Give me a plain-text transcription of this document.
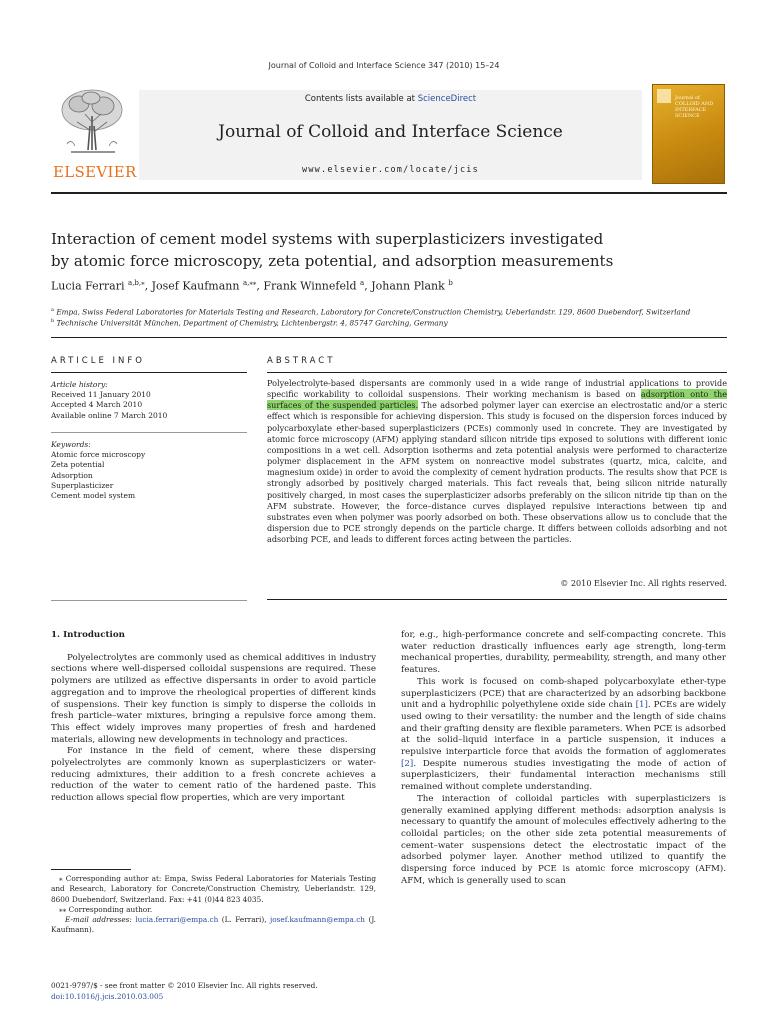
Journal of Colloid and Interface Science 347 (2010) 15–24
ELSEVIER
Contents lists available at ScienceDirect
Journal of Colloid and Interface Science
www.elsevier.com/locate/jcis
Journal of COLLOID AND INTERFACE SCIENCE
Interaction of cement model systems with superplasticizers investigated
by atomic force microscopy, zeta potential, and adsorption measurements
Lucia Ferrari $^{a,b,⁎}$, Josef Kaufmann $^{a,⁎⁎}$, Frank Winnefeld $^a$, Johann Plank $^b$
$^a$ Empa, Swiss Federal Laboratories for Materials Testing and Research, Laboratory for Concrete/Construction Chemistry, Ueberlandstr. 129, 8600 Duebendorf, Switzerland
$^b$ Technische Universität München, Department of Chemistry, Lichtenbergstr. 4, 85747 Garching, Germany
ARTICLE INFO
Article history:
Received 11 January 2010
Accepted 4 March 2010
Available online 7 March 2010
Keywords:
Atomic force microscopy
Zeta potential
Adsorption
Superplasticizer
Cement model system
ABSTRACT
Polyelectrolyte-based dispersants are commonly used in a wide range of industrial applications to provide specific workability to colloidal suspensions. Their working mechanism is based on adsorption onto the surfaces of the suspended particles. The adsorbed polymer layer can exercise an electrostatic and/or a steric effect which is responsible for achieving dispersion. This study is focused on the dispersion forces induced by polycarboxylate ether-based superplasticizers (PCEs) commonly used in concrete. They are investigated by atomic force microscopy (AFM) applying standard silicon nitride tips exposed to solutions with different ionic compositions in a wet cell. Adsorption isotherms and zeta potential analysis were performed to characterize polymer displacement in the AFM system on nonreactive model substrates (quartz, mica, calcite, and magnesium oxide) in order to avoid the complexity of cement hydration products. The results show that PCE is strongly adsorbed by positively charged materials. This fact reveals that, being silicon nitride naturally positively charged, in most cases the superplasticizer adsorbs preferably on the silicon nitride tip than on the AFM substrate. However, the force–distance curves displayed repulsive interactions between tip and substrates even when polymer was poorly adsorbed on both. These observations allow us to conclude that the dispersion due to PCE strongly depends on the particle charge. It differs between colloids adsorbing and not adsorbing PCE, and leads to different forces acting between the particles.
© 2010 Elsevier Inc. All rights reserved.
1. Introduction

Polyelectrolytes are commonly used as chemical additives in industry sections where well-dispersed colloidal suspensions are required. These polymers are utilized as effective dispersants in order to avoid particle aggregation and to improve the rheological properties of different kinds of suspensions. Their key function is simply to disperse the colloids in fresh particle–water mixtures, bringing a repulsive force among them. This effect widely improves many properties of fresh and hardened materials, allowing new developments in technology and practices.

For instance in the field of cement, where these dispersing polyelectrolytes are commonly known as superplasticizers or water-reducing admixtures, their addition to a fresh concrete achieves a reduction of the water to cement ratio of the hardened paste. This reduction allows special flow properties, which are very important

for, e.g., high-performance concrete and self-compacting concrete. This water reduction drastically influences early age strength, long-term mechanical properties, durability, permeability, strength, and many other features.

This work is focused on comb-shaped polycarboxylate ether-type superplasticizers (PCE) that are characterized by an adsorbing backbone unit and a hydrophilic polyethylene oxide side chain [1]. PCEs are widely used owing to their versatility: the number and the length of side chains and their grafting density are flexible parameters. When PCE is adsorbed at the solid–liquid interface in a particle suspension, it induces a repulsive interparticle force that avoids the formation of agglomerates [2]. Despite numerous studies investigating the mode of action of superplasticizers, their fundamental interaction mechanisms still remained without complete understanding.

The interaction of colloidal particles with superplasticizers is generally examined applying different methods: adsorption analysis is necessary to quantify the amount of molecules effectively adhering to the colloidal particles; on the other side zeta potential measurements of cement–water suspensions detect the electrostatic impact of the adsorbed polymer layer. Another method utilized to quantify the dispersing force induced by PCE is atomic force microscopy (AFM). AFM, which is generally used to scan

⁎ Corresponding author at: Empa, Swiss Federal Laboratories for Materials Testing and Research, Laboratory for Concrete/Construction Chemistry, Ueberlandstr. 129, 8600 Duebendorf, Switzerland. Fax: +41 (0)44 823 4035.
⁎⁎ Corresponding author.
E-mail addresses: lucia.ferrari@empa.ch (L. Ferrari), josef.kaufmann@empa.ch (J. Kaufmann).
0021-9797/$ - see front matter © 2010 Elsevier Inc. All rights reserved.
doi:10.1016/j.jcis.2010.03.005
